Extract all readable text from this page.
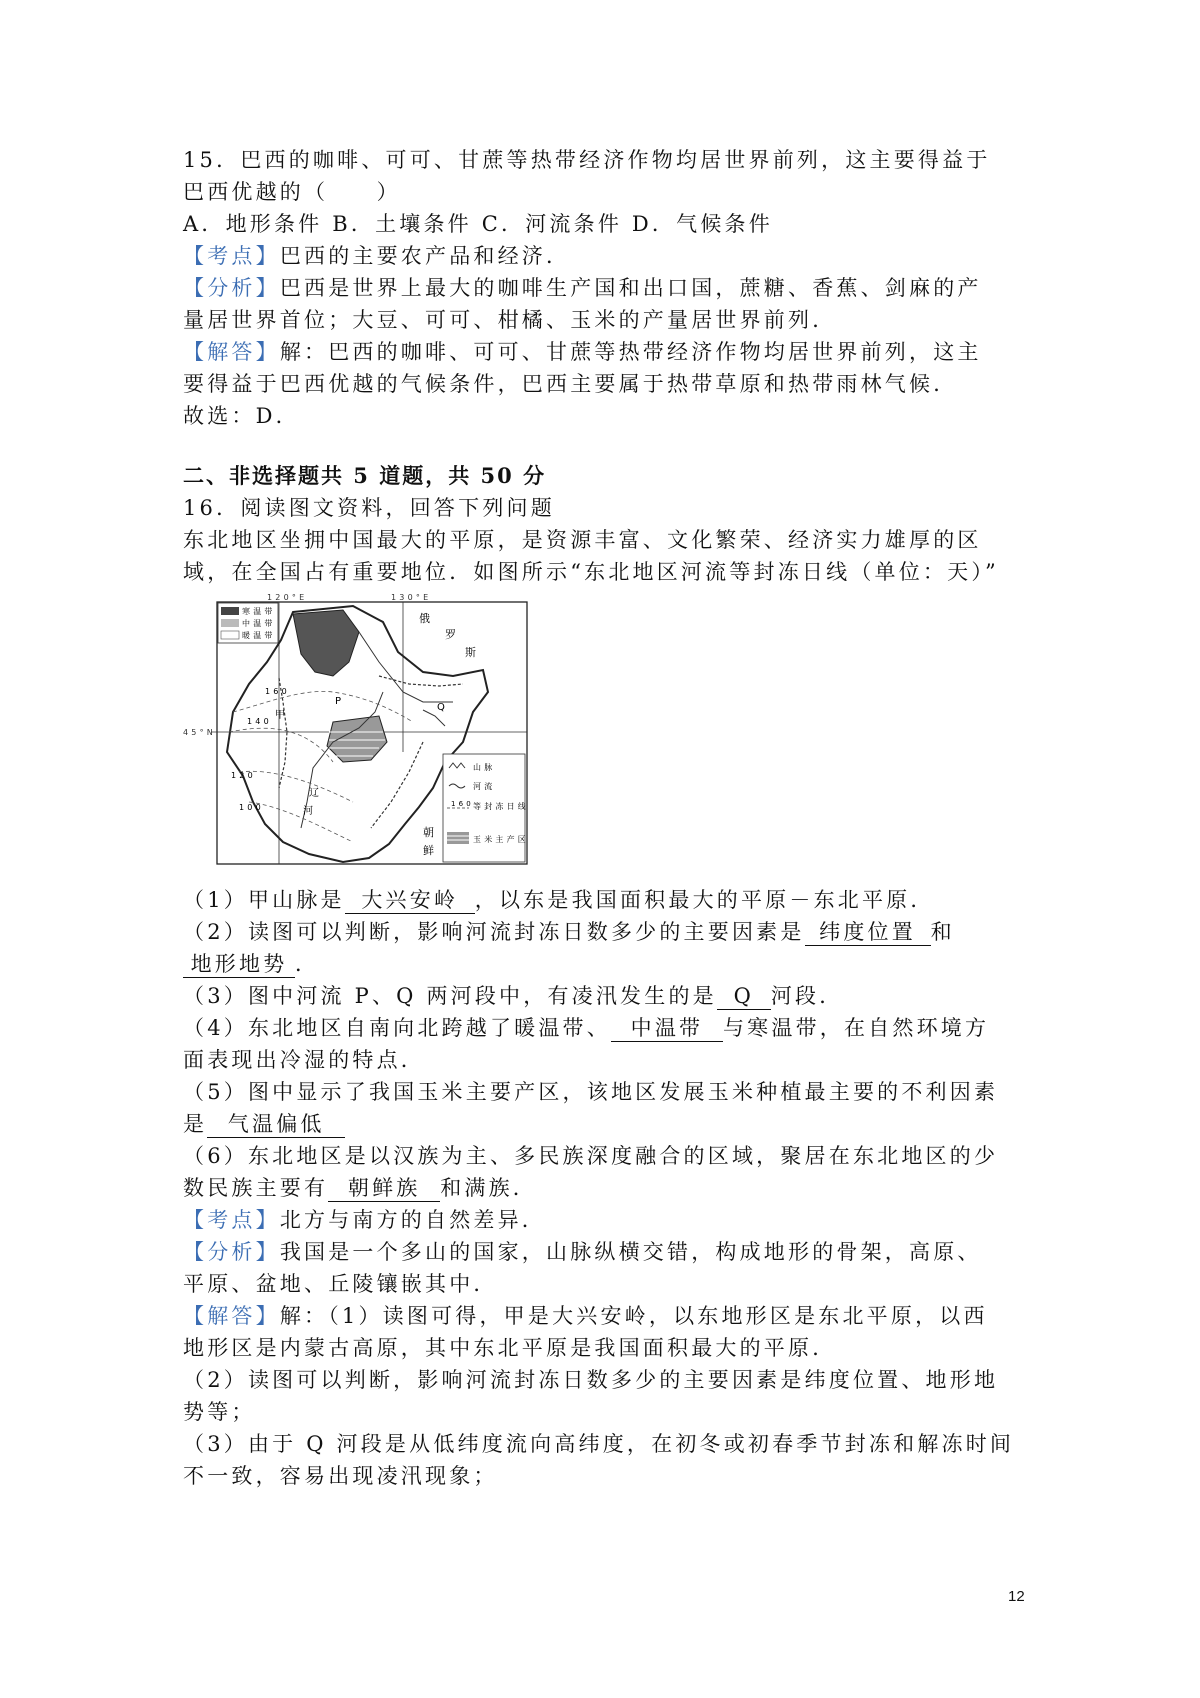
15．巴西的咖啡、可可、甘蔗等热带经济作物均居世界前列，这主要得益于
巴西优越的（　　）
A．地形条件 B．土壤条件 C．河流条件 D．气候条件
【考点】巴西的主要农产品和经济．
【分析】巴西是世界上最大的咖啡生产国和出口国，蔗糖、香蕉、剑麻的产
量居世界首位；大豆、可可、柑橘、玉米的产量居世界前列．
【解答】解：巴西的咖啡、可可、甘蔗等热带经济作物均居世界前列，这主
要得益于巴西优越的气候条件，巴西主要属于热带草原和热带雨林气候．
故选：D．
二、非选择题共 5 道题，共 50 分
16．阅读图文资料，回答下列问题
东北地区坐拥中国最大的平原，是资源丰富、文化繁荣、经济实力雄厚的区
域，在全国占有重要地位．如图所示“东北地区河流等封冻日线（单位：天）”
120°E	130°E
45°N
寒温带
中温带
暖温带
160
140
120
100
甲
P
Q
辽
河
俄
罗
斯
朝
鲜
山脉
河流
160 等封冻日线
玉米主产区
（1）甲山脉是 大兴安岭 ，以东是我国面积最大的平原－东北平原．
（2）读图可以判断，影响河流封冻日数多少的主要因素是 纬度位置 和
地形地势 ．
（3）图中河流 P、Q 两河段中，有凌汛发生的是 Q 河段．
（4）东北地区自南向北跨越了暖温带、 中温带 与寒温带，在自然环境方
面表现出冷湿的特点．
（5）图中显示了我国玉米主要产区，该地区发展玉米种植最主要的不利因素
是 气温偏低
（6）东北地区是以汉族为主、多民族深度融合的区域，聚居在东北地区的少
数民族主要有 朝鲜族 和满族．
【考点】北方与南方的自然差异．
【分析】我国是一个多山的国家，山脉纵横交错，构成地形的骨架，高原、
平原、盆地、丘陵镶嵌其中．
【解答】解：（1）读图可得，甲是大兴安岭，以东地形区是东北平原，以西
地形区是内蒙古高原，其中东北平原是我国面积最大的平原．
（2）读图可以判断，影响河流封冻日数多少的主要因素是纬度位置、地形地
势等；
（3）由于 Q 河段是从低纬度流向高纬度，在初冬或初春季节封冻和解冻时间
不一致，容易出现凌汛现象；
12
